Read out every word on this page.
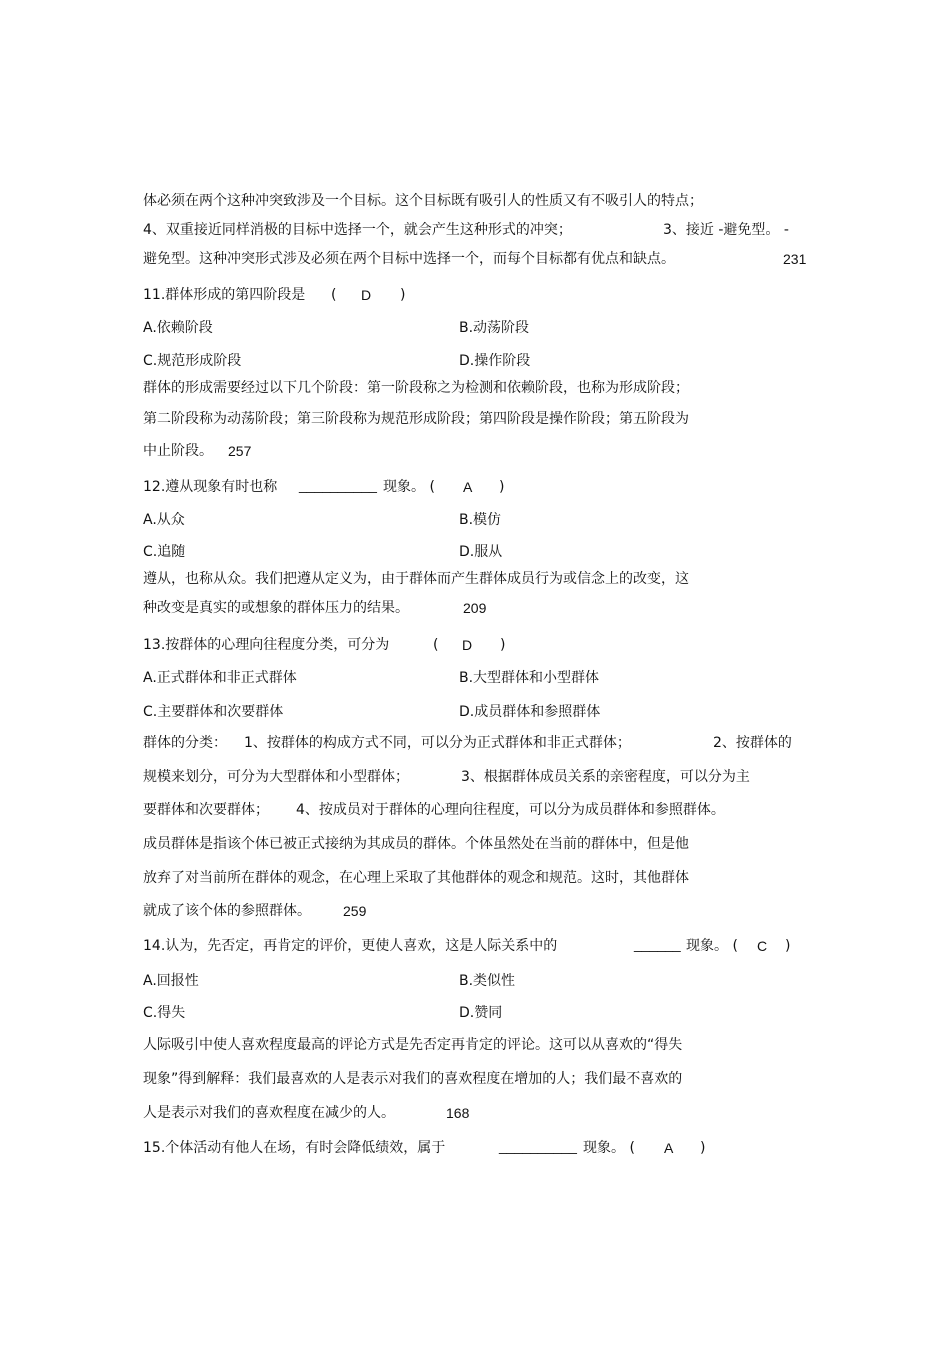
体必须在两个这种冲突致涉及一个目标。这个目标既有吸引人的性质又有不吸引人的特点；
4、双重接近同样消极的目标中选择一个，就会产生这种形式的冲突；	3、接近 -避免型。 -
避免型。这种冲突形式涉及必须在两个目标中选择一个，而每个目标都有优点和缺点。	231
11.群体形成的第四阶段是 ( D )
A.依赖阶段	B.动荡阶段
C.规范形成阶段	D.操作阶段
群体的形成需要经过以下几个阶段：第一阶段称之为检测和依赖阶段，也称为形成阶段；
第二阶段称为动荡阶段；第三阶段称为规范形成阶段；第四阶段是操作阶段；第五阶段为
中止阶段。 257
12.遵从现象有时也称 __________ 现象。 ( A )
A.从众	B.模仿
C.追随	D.服从
遵从，也称从众。我们把遵从定义为，由于群体而产生群体成员行为或信念上的改变，这
种改变是真实的或想象的群体压力的结果。	209
13.按群体的心理向往程度分类，可分为	( D )
A.正式群体和非正式群体	B.大型群体和小型群体
C.主要群体和次要群体	D.成员群体和参照群体
群体的分类： 1、按群体的构成方式不同，可以分为正式群体和非正式群体；	2、按群体的
规模来划分，可分为大型群体和小型群体；	3、根据群体成员关系的亲密程度，可以分为主
要群体和次要群体； 4、按成员对于群体的心理向往程度，可以分为成员群体和参照群体。
成员群体是指该个体已被正式接纳为其成员的群体。个体虽然处在当前的群体中，但是他
放弃了对当前所在群体的观念，在心理上采取了其他群体的观念和规范。这时，其他群体
就成了该个体的参照群体。 259
14.认为，先否定，再肯定的评价，更使人喜欢，这是人际关系中的	______ 现象。 ( C )
A.回报性	B.类似性
C.得失	D.赞同
人际吸引中使人喜欢程度最高的评论方式是先否定再肯定的评论。这可以从喜欢的“得失
现象”得到解释：我们最喜欢的人是表示对我们的喜欢程度在增加的人；我们最不喜欢的
人是表示对我们的喜欢程度在减少的人。	168
15.个体活动有他人在场，有时会降低绩效，属于	__________ 现象。 ( A )
